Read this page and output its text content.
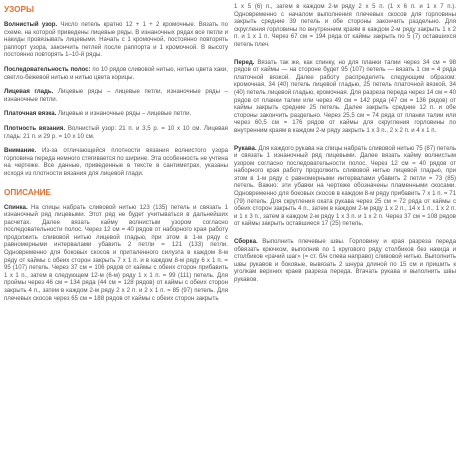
УЗОРЫ

Волнистый узор. Число петель кратно 12 + 1 + 2 кромочные. Вязать по схеме, на которой приведены лицевые ряды. В изнаночных рядах все петли и накиды провязывать лицевыми. Начать с 1 кромочной, постоянно повторять раппорт узора, закончить петлей после раппорта и 1 кромочной. В высоту постоянно повторять 1–10-й ряды.

Последовательность полос: по 10 рядов сливовой нитью, нитью цвета хаки, светло-бежевой нитью и нитью цвета корицы.

Лицевая гладь. Лицевые ряды – лицевые петли, изнаночные ряды – изнаночные петли.

Платочная вязка. Лицевые и изнаночные ряды – лицевые петли.

Плотность вязания. Волнистый узор: 21 п. и 3,5 р. = 10 х 10 см. Лицевая гладь: 21 п. и 29 р. = 10 х 10 см.

Внимание. Из-за отличающейся плотности вязания волнистого узора горловина переда немного стягивается по ширине. Эта особенность не учтена на чертеже. Все данные, приведенные в тексте в сантиметрах, указаны исходя из плотности вязания для лицевой глади.

ОПИСАНИЕ

Спинка. На спицы набрать сливовой нитью 123 (135) петель и связать 1 изнаночный ряд лицевыми. Этот ряд не будет учитываться в дальнейших расчетах. Далее вязать кайму волнистым узором согласно последовательности полос. Через 12 см = 40 рядов от наборного края работу продолжить сливовой нитью лицевой гладью, при этом в 1-м ряду с равномерными интервалами убавить 2 петли = 121 (133) петли. Одновременно для боковых скосов и приталенного силуэта в каждом 8-м ряду от каймы с обеих сторон закрыть 7 х 1 п. и в каждом 8-м ряду 6 х 1 п. = 95 (107) петель. Через 37 см = 106 рядов от каймы с обеих сторон прибавить 1 х 1 п., затем в следующем 12-м (6-м) ряду 1 х 1 п. = 99 (111) петель. Для проймы через 46 см = 134 ряда (44 см = 128 рядов) от каймы с обеих сторон закрыть 4 п., затем в каждом 2-м ряду 2 х 2 п. и 2 х 1 п. = 85 (97) петель. Для плечевых скосов через 65 см = 188 рядов от каймы с обеих сторон закрыть

1 х 5 (6) п., затем в каждом 2-м ряду 2 х 5 п. (1 х 6 п. и 1 х 7 п.). Одновременно с началом выполнения плечевых скосов для горловины закрыть средние 39 петель и обе стороны закончить раздельно. Для скругления горловины по внутренним краям в каждом 2-м ряду закрыть 1 х 2 п. и 1 х 1 п. Через 67 см = 194 ряда от каймы закрыть по 5 (7) оставшихся петель плеч.

Перед. Вязать так же, как спинку, но для планки талии через 34 см = 98 рядов от каймы — на стороне будет 95 (107) петель — вязать 1 см = 4 ряда платочной вязкой. Далее работу распределить следующим образом: кромочная, 34 (40) петель лицевой гладью, 25 петель платочной вязкой, 34 (40) петель лицевой гладью, кромочная. Для разреза переда через 14 см = 40 рядов от планки талии или через 49 см = 142 ряда (47 см = 136 рядов) от каймы закрыть средние 25 петель. Далее закрыть средние 12 п. и обе стороны закончить раздельно. Через 25,5 см = 74 ряда от планки талии или через 60,5 см = 176 рядов от каймы для скругления горловины по внутренним краям в каждом 2-м ряду закрыть 1 х 3 п., 2 х 2 п. и 4 х 1 п.

Рукава. Для каждого рукава на спицы набрать сливовой нитью 75 (87) петель и связать 1 изнаночный ряд лицевыми. Далее вязать кайму волнистым узором согласно последовательности полос. Через 12 см = 40 рядов от наборного края работу продолжить сливовой нитью лицевой гладью, при этом в 1-м ряду с равномерными интервалами убавить 2 петли = 73 (85) петель. Важно: эти убавки на чертеже обозначены пламенными скосами. Одновременно для боковых скосов в каждом 8-м ряду прибавить 7 х 1 п. = 71 (79) петель. Для скругления оката рукава через 25 см = 72 ряда от каймы с обеих сторон закрыть 4 п., затем в каждом 2-м ряду 1 х 2 п., 14 х 1 п., 1 х 2 п. и 1 х 3 п., затем в каждом 2-м ряду 1 х 3 п. и 1 х 2 п. Через 37 см = 108 рядов от каймы закрыть оставшиеся 17 (25) петель.

Сборка. Выполнить плечевые швы. Горловину и края разреза переда обвязать крючком, выполнив по 1 кругового ряду столбиков без накида и столбиков «рачий шаг» (= ст. б/н слева направо) сливовой нитью. Выполнить швы рукавов и боковые, вывязать 2 шнура длиной по 15 см и пришить к уголкам верхних краев разреза переда. Втачать рукава и выполнить швы рукавов.
